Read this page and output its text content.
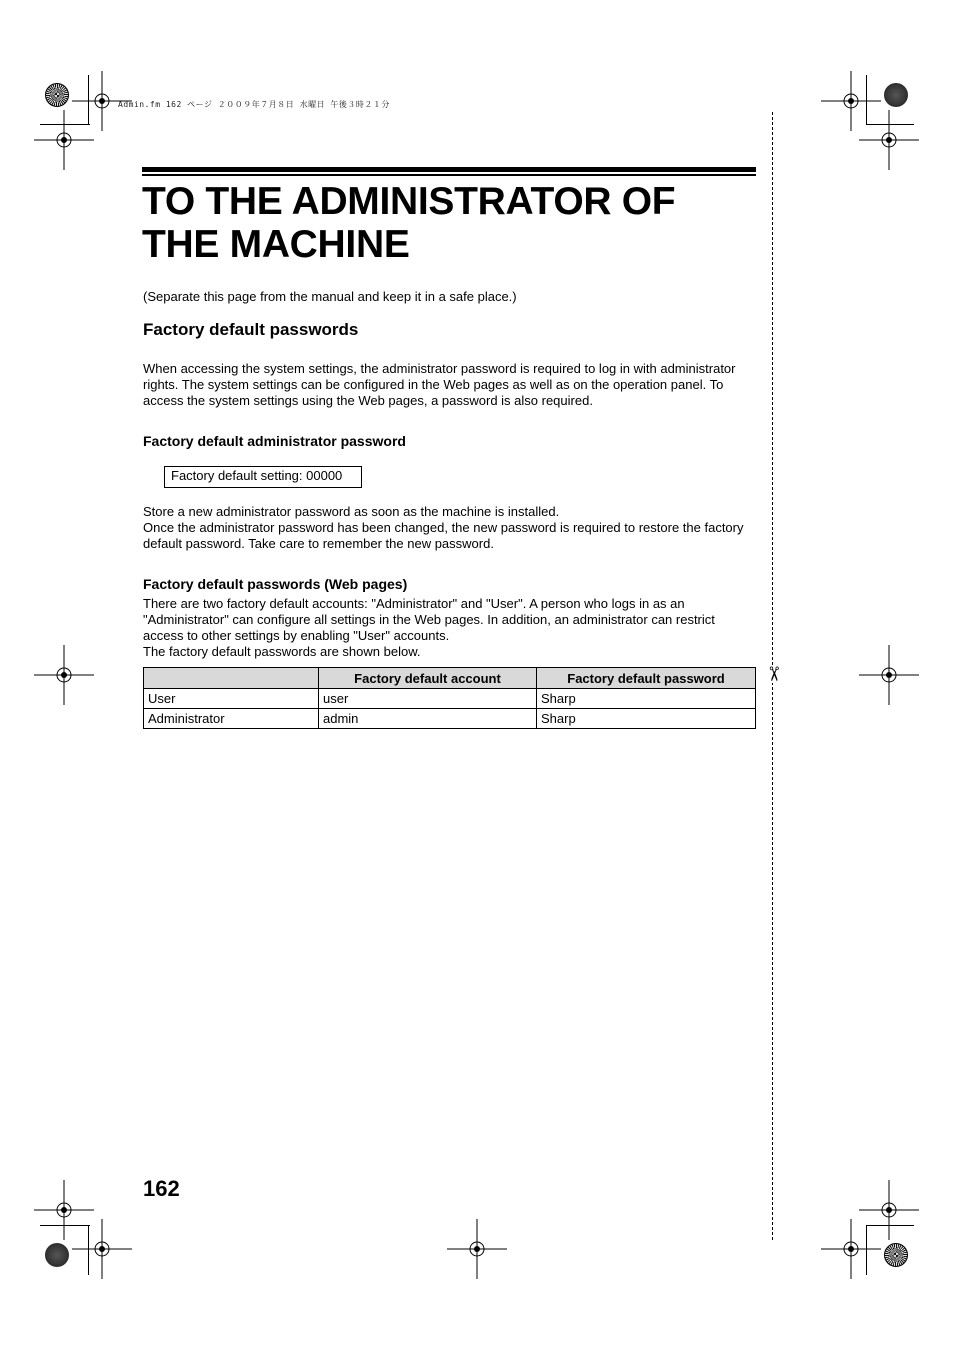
Admin.fm 162 ページ ２００９年７月８日 水曜日 午後３時２１分
TO THE ADMINISTRATOR OF
THE MACHINE
(Separate this page from the manual and keep it in a safe place.)
Factory default passwords

When accessing the system settings, the administrator password is required to log in with administrator rights. The system settings can be configured in the Web pages as well as on the operation panel. To access the system settings using the Web pages, a password is also required.

Factory default administrator password
Factory default setting: 00000
Store a new administrator password as soon as the machine is installed.
Once the administrator password has been changed, the new password is required to restore the factory default password. Take care to remember the new password.
Factory default passwords (Web pages)
There are two factory default accounts: "Administrator" and "User". A person who logs in as an "Administrator" can configure all settings in the Web pages. In addition, an administrator can restrict access to other settings by enabling "User" accounts.
The factory default passwords are shown below.
	Factory default account	Factory default password
User	user	Sharp
Administrator	admin	Sharp
162
✂
